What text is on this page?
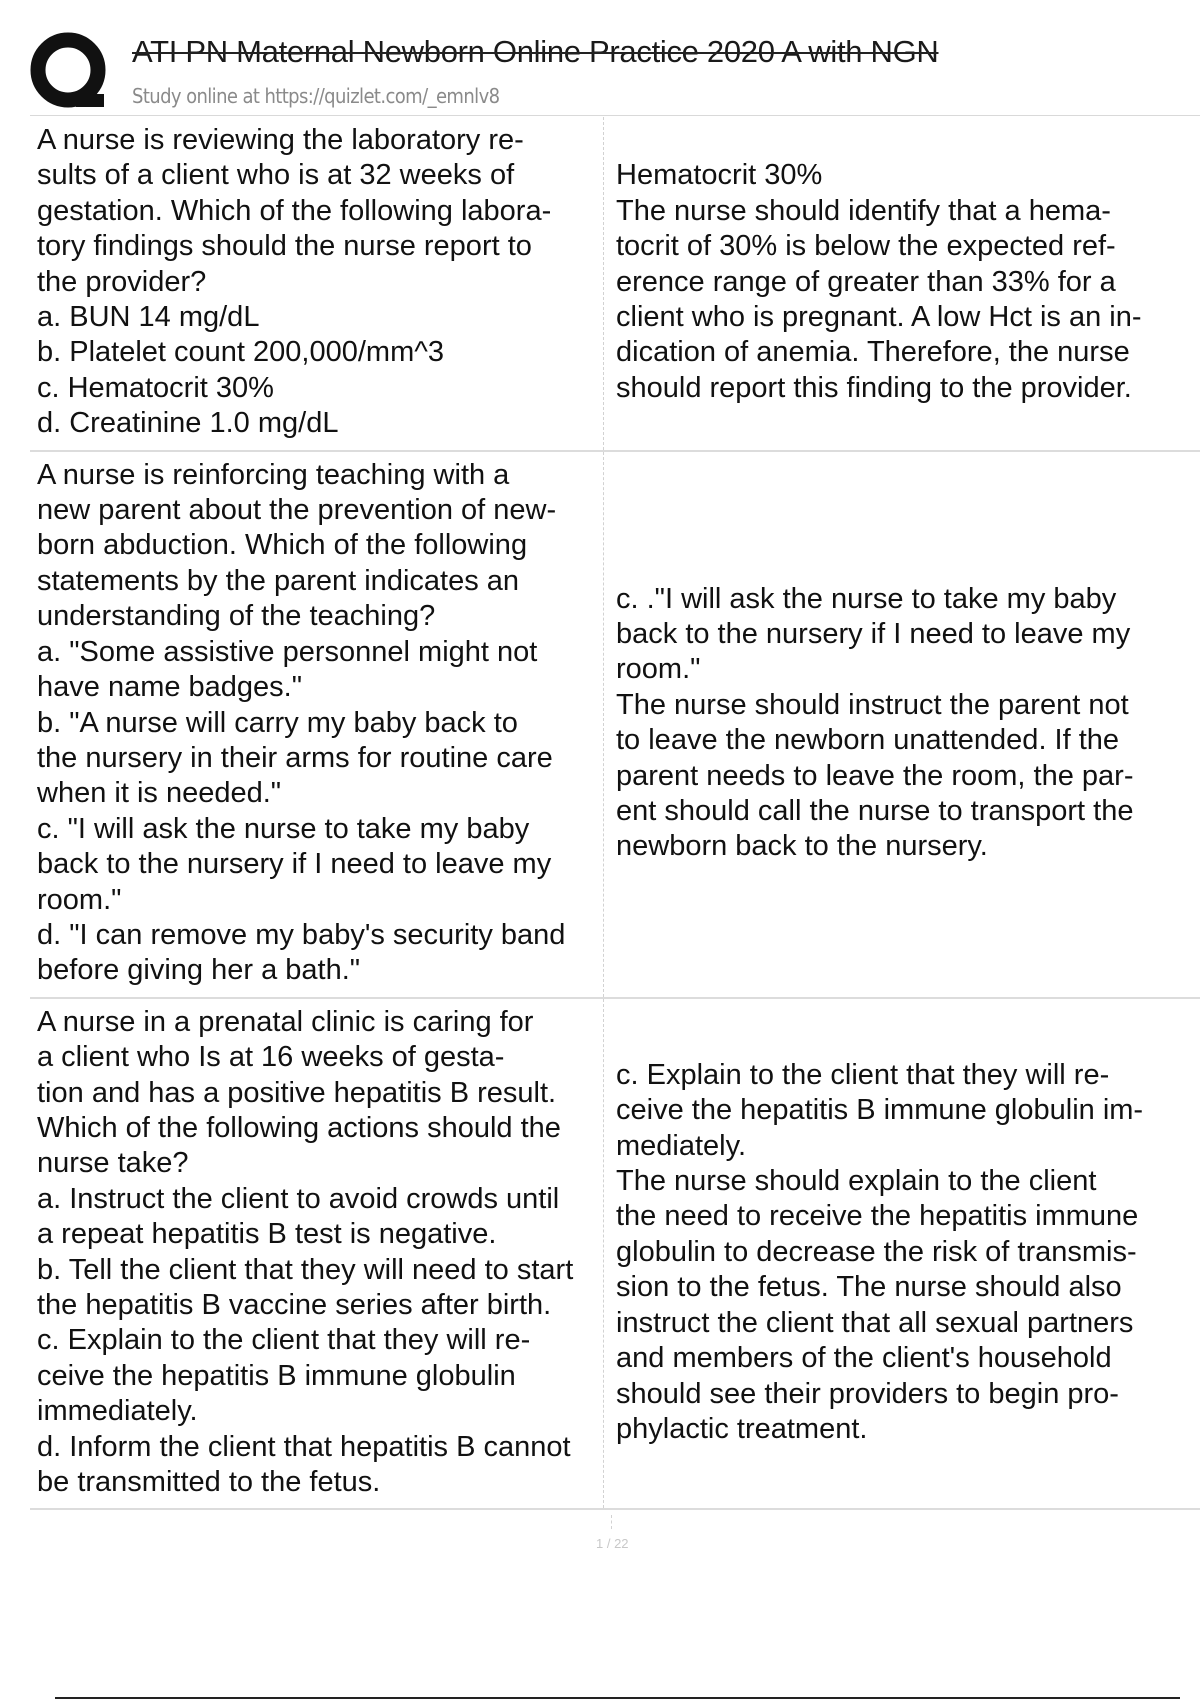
ATI PN Maternal Newborn Online Practice 2020 A with NGN
Study online at https://quizlet.com/_emnlv8
A nurse is reviewing the laboratory re-
sults of a client who is at 32 weeks of
gestation. Which of the following labora-
tory findings should the nurse report to
the provider?
a. BUN 14 mg/dL
b. Platelet count 200,000/mm^3
c. Hematocrit 30%
d. Creatinine 1.0 mg/dL
Hematocrit 30%
The nurse should identify that a hema-
tocrit of 30% is below the expected ref-
erence range of greater than 33% for a
client who is pregnant. A low Hct is an in-
dication of anemia. Therefore, the nurse
should report this finding to the provider.
A nurse is reinforcing teaching with a
new parent about the prevention of new-
born abduction. Which of the following
statements by the parent indicates an
understanding of the teaching?
a. "Some assistive personnel might not
have name badges."
b. "A nurse will carry my baby back to
the nursery in their arms for routine care
when it is needed."
c. "I will ask the nurse to take my baby
back to the nursery if I need to leave my
room."
d. "I can remove my baby's security band
before giving her a bath."
c. ."I will ask the nurse to take my baby
back to the nursery if I need to leave my
room."
The nurse should instruct the parent not
to leave the newborn unattended. If the
parent needs to leave the room, the par-
ent should call the nurse to transport the
newborn back to the nursery.
A nurse in a prenatal clinic is caring for
a client who Is at 16 weeks of gesta-
tion and has a positive hepatitis B result.
Which of the following actions should the
nurse take?
a. Instruct the client to avoid crowds until
a repeat hepatitis B test is negative.
b. Tell the client that they will need to start
the hepatitis B vaccine series after birth.
c. Explain to the client that they will re-
ceive the hepatitis B immune globulin
immediately.
d. Inform the client that hepatitis B cannot
be transmitted to the fetus.
c. Explain to the client that they will re-
ceive the hepatitis B immune globulin im-
mediately.
The nurse should explain to the client
the need to receive the hepatitis immune
globulin to decrease the risk of transmis-
sion to the fetus. The nurse should also
instruct the client that all sexual partners
and members of the client's household
should see their providers to begin pro-
phylactic treatment.
1 / 22
